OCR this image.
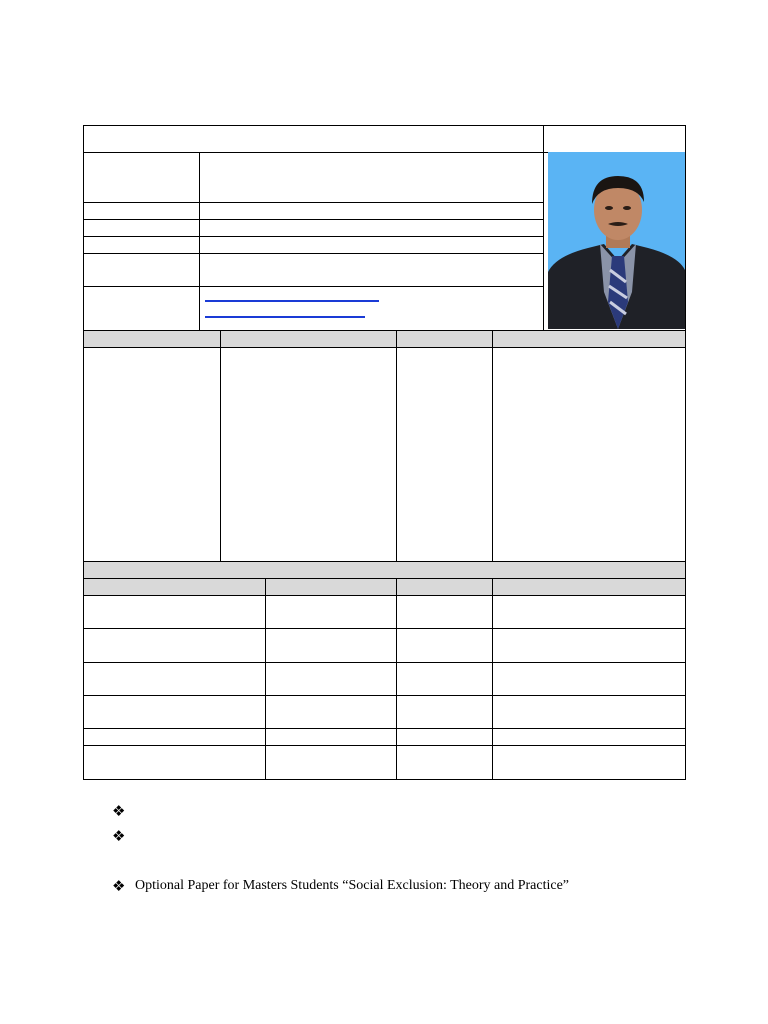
❖
❖
❖ Optional Paper for Masters Students “Social Exclusion: Theory and Practice”
